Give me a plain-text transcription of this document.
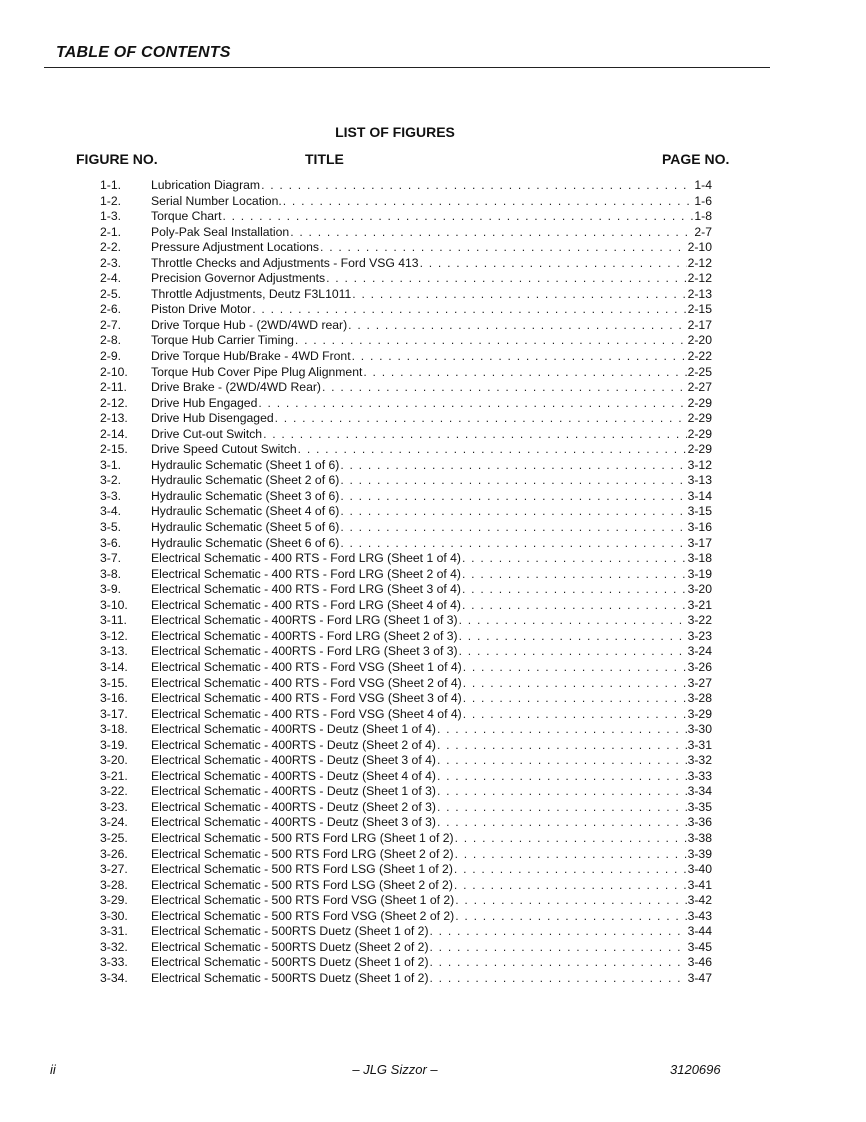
TABLE OF CONTENTS
LIST OF FIGURES
FIGURE NO.	TITLE	PAGE NO.
1-1.	Lubrication Diagram . . .	1-4
1-2.	Serial Number Location. . . .	1-6
1-3.	Torque Chart . . .	1-8
2-1.	Poly-Pak Seal Installation . . .	2-7
2-2.	Pressure Adjustment Locations . . .	2-10
2-3.	Throttle Checks and Adjustments - Ford VSG 413 . . .	2-12
2-4.	Precision Governor Adjustments . . .	2-12
2-5.	Throttle Adjustments, Deutz F3L1011 . . .	2-13
2-6.	Piston Drive Motor . . .	2-15
2-7.	Drive Torque Hub - (2WD/4WD rear) . . .	2-17
2-8.	Torque Hub Carrier Timing . . .	2-20
2-9.	Drive Torque Hub/Brake - 4WD Front . . .	2-22
2-10.	Torque Hub Cover Pipe Plug Alignment . . .	2-25
2-11.	Drive Brake - (2WD/4WD Rear) . . .	2-27
2-12.	Drive Hub Engaged . . .	2-29
2-13.	Drive Hub Disengaged . . .	2-29
2-14.	Drive Cut-out Switch . . .	2-29
2-15.	Drive Speed Cutout Switch . . .	2-29
3-1.	Hydraulic Schematic (Sheet 1 of 6) . . .	3-12
3-2.	Hydraulic Schematic (Sheet 2 of 6) . . .	3-13
3-3.	Hydraulic Schematic (Sheet 3 of 6) . . .	3-14
3-4.	Hydraulic Schematic (Sheet 4 of 6) . . .	3-15
3-5.	Hydraulic Schematic (Sheet 5 of 6) . . .	3-16
3-6.	Hydraulic Schematic (Sheet 6 of 6) . . .	3-17
3-7.	Electrical Schematic - 400 RTS - Ford LRG (Sheet 1 of 4) . . .	3-18
3-8.	Electrical Schematic - 400 RTS - Ford LRG (Sheet 2 of 4) . . .	3-19
3-9.	Electrical Schematic - 400 RTS - Ford LRG (Sheet 3 of 4) . . .	3-20
3-10.	Electrical Schematic - 400 RTS - Ford LRG (Sheet 4 of 4) . . .	3-21
3-11.	Electrical Schematic - 400RTS - Ford LRG (Sheet 1 of 3) . . .	3-22
3-12.	Electrical Schematic - 400RTS - Ford LRG (Sheet 2 of 3) . . .	3-23
3-13.	Electrical Schematic - 400RTS - Ford LRG (Sheet 3 of 3) . . .	3-24
3-14.	Electrical Schematic - 400 RTS - Ford VSG (Sheet 1 of 4) . . .	3-26
3-15.	Electrical Schematic - 400 RTS - Ford VSG (Sheet 2 of 4) . . .	3-27
3-16.	Electrical Schematic - 400 RTS - Ford VSG (Sheet 3 of 4) . . .	3-28
3-17.	Electrical Schematic - 400 RTS - Ford VSG (Sheet 4 of 4) . . .	3-29
3-18.	Electrical Schematic - 400RTS - Deutz (Sheet 1 of 4) . . .	3-30
3-19.	Electrical Schematic - 400RTS - Deutz (Sheet 2 of 4) . . .	3-31
3-20.	Electrical Schematic - 400RTS - Deutz (Sheet 3 of 4) . . .	3-32
3-21.	Electrical Schematic - 400RTS - Deutz (Sheet 4 of 4) . . .	3-33
3-22.	Electrical Schematic - 400RTS - Deutz (Sheet 1 of 3) . . .	3-34
3-23.	Electrical Schematic - 400RTS - Deutz (Sheet 2 of 3) . . .	3-35
3-24.	Electrical Schematic - 400RTS - Deutz (Sheet 3 of 3) . . .	3-36
3-25.	Electrical Schematic - 500 RTS Ford LRG (Sheet 1 of 2) . . .	3-38
3-26.	Electrical Schematic - 500 RTS Ford LRG (Sheet 2 of 2) . . .	3-39
3-27.	Electrical Schematic - 500 RTS Ford LSG (Sheet 1 of 2) . . .	3-40
3-28.	Electrical Schematic - 500 RTS Ford LSG (Sheet 2 of 2) . . .	3-41
3-29.	Electrical Schematic - 500 RTS Ford VSG (Sheet 1 of 2) . . .	3-42
3-30.	Electrical Schematic - 500 RTS Ford VSG (Sheet 2 of 2) . . .	3-43
3-31.	Electrical Schematic - 500RTS Duetz (Sheet 1 of 2) . . .	3-44
3-32.	Electrical Schematic - 500RTS Duetz (Sheet 2 of 2) . . .	3-45
3-33.	Electrical Schematic - 500RTS Duetz (Sheet 1 of 2) . . .	3-46
3-34.	Electrical Schematic - 500RTS Duetz (Sheet 1 of 2) . . .	3-47
ii	– JLG Sizzor –	3120696
